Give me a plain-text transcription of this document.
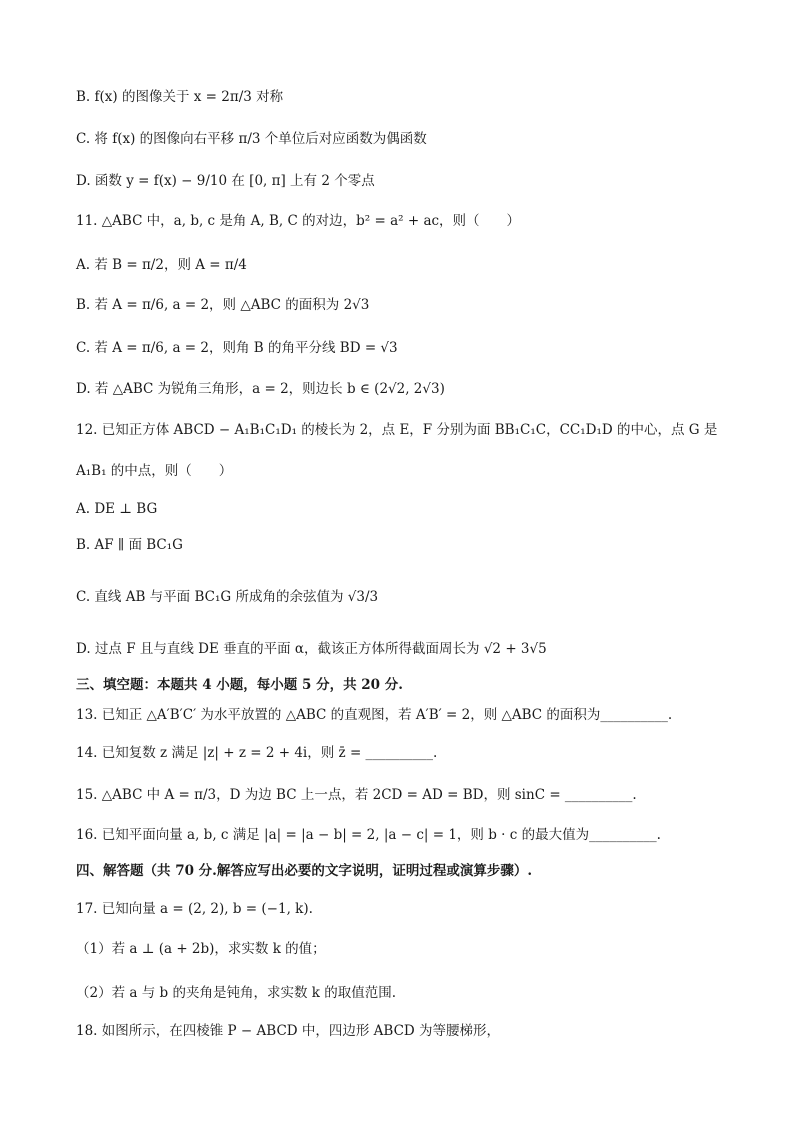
B. f(x) 的图像关于 x = 2π/3 对称
C. 将 f(x) 的图像向右平移 π/3 个单位后对应函数为偶函数
D. 函数 y = f(x) − 9/10 在 [0, π] 上有 2 个零点
11. △ABC 中，a, b, c 是角 A, B, C 的对边，b² = a² + ac，则（　　）
A. 若 B = π/2，则 A = π/4
B. 若 A = π/6, a = 2，则 △ABC 的面积为 2√3
C. 若 A = π/6, a = 2，则角 B 的角平分线 BD = √3
D. 若 △ABC 为锐角三角形，a = 2，则边长 b ∈ (2√2, 2√3)
12. 已知正方体 ABCD − A₁B₁C₁D₁ 的棱长为 2，点 E，F 分别为面 BB₁C₁C，CC₁D₁D 的中心，点 G 是
A₁B₁ 的中点，则（　　）
A. DE ⊥ BG
B. AF ∥ 面 BC₁G
C. 直线 AB 与平面 BC₁G 所成角的余弦值为 √3/3
D. 过点 F 且与直线 DE 垂直的平面 α，截该正方体所得截面周长为 √2 + 3√5
三、填空题：本题共 4 小题，每小题 5 分，共 20 分.
13. 已知正 △A′B′C′ 为水平放置的 △ABC 的直观图，若 A′B′ = 2，则 △ABC 的面积为__________.
14. 已知复数 z 满足 |z| + z = 2 + 4i，则 z̄ = __________.
15. △ABC 中 A = π/3，D 为边 BC 上一点，若 2CD = AD = BD，则 sinC = __________.
16. 已知平面向量 a, b, c 满足 |a| = |a − b| = 2, |a − c| = 1，则 b · c 的最大值为__________.
四、解答题（共 70 分.解答应写出必要的文字说明，证明过程或演算步骤）.
17. 已知向量 a = (2, 2), b = (−1, k).
（1）若 a ⊥ (a + 2b)，求实数 k 的值；
（2）若 a 与 b 的夹角是钝角，求实数 k 的取值范围.
18. 如图所示，在四棱锥 P − ABCD 中，四边形 ABCD 为等腰梯形，
